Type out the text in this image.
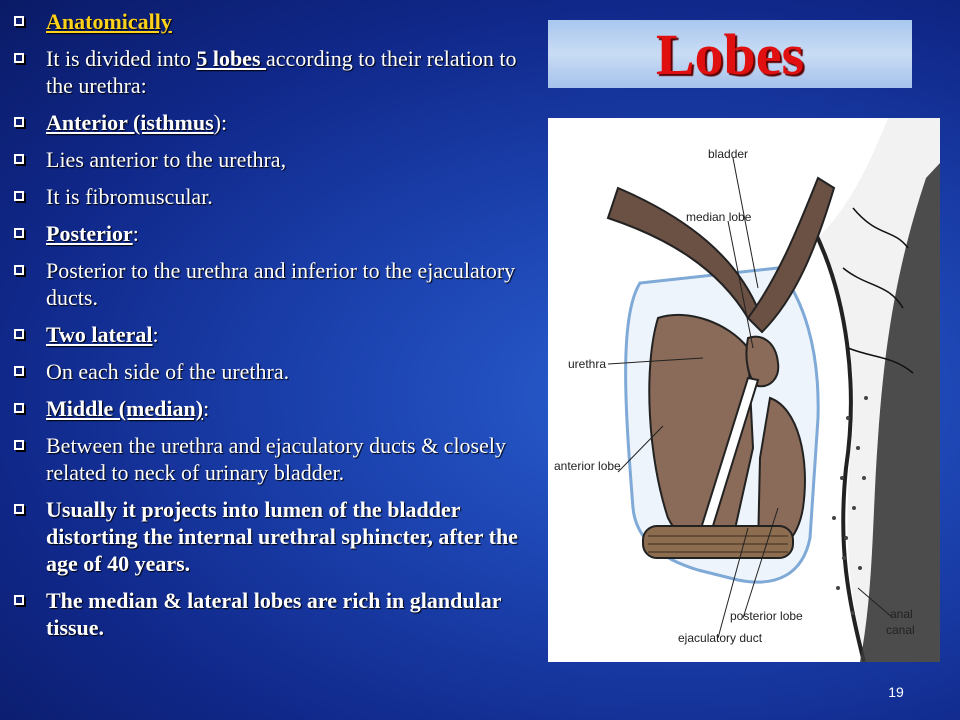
Anatomically
It is divided into 5 lobes according to their relation to the urethra:
Anterior (isthmus):
Lies anterior to the urethra,
It is fibromuscular.
Posterior:
Posterior to the urethra and inferior to the ejaculatory ducts.
Two lateral:
On each side of the urethra.
Middle (median):
Between the urethra and ejaculatory ducts & closely related to neck of urinary bladder.
Usually it projects into lumen of the bladder distorting the internal urethral sphincter, after the age of 40 years.
The median & lateral lobes are rich in glandular tissue.
Lobes
bladder
median lobe
urethra
anterior lobe
posterior lobe
ejaculatory duct
anal
canal
19
